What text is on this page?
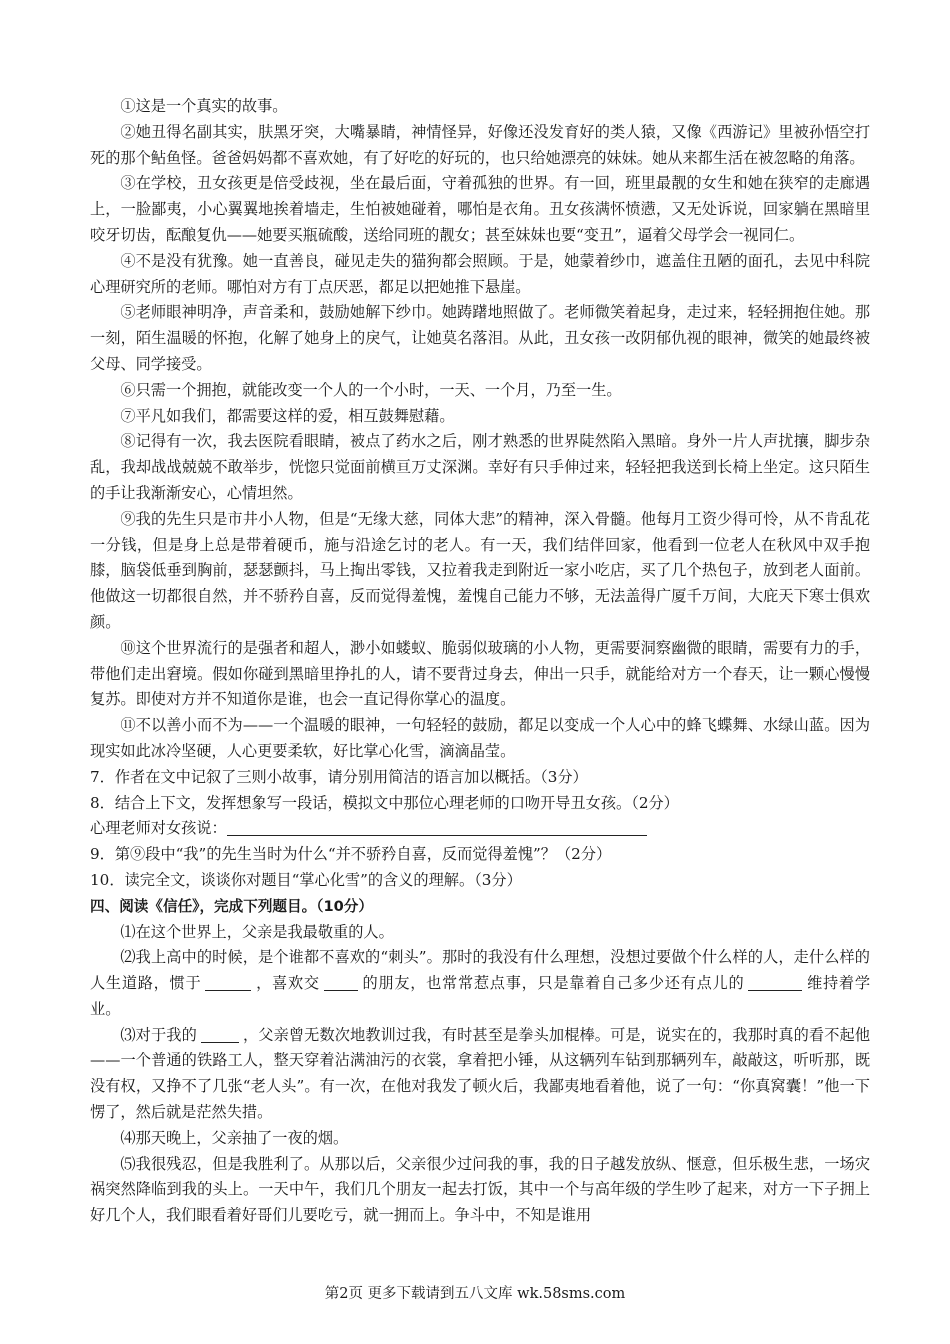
①这是一个真实的故事。

②她丑得名副其实，肤黑牙突，大嘴暴睛，神情怪异，好像还没发育好的类人猿，又像《西游记》里被孙悟空打死的那个鲇鱼怪。爸爸妈妈都不喜欢她，有了好吃的好玩的，也只给她漂亮的妹妹。她从来都生活在被忽略的角落。

③在学校，丑女孩更是倍受歧视，坐在最后面，守着孤独的世界。有一回，班里最靓的女生和她在狭窄的走廊遇上，一脸鄙夷，小心翼翼地挨着墙走，生怕被她碰着，哪怕是衣角。丑女孩满怀愤懑，又无处诉说，回家躺在黑暗里咬牙切齿，酝酿复仇——她要买瓶硫酸，送给同班的靓女；甚至妹妹也要“变丑”，逼着父母学会一视同仁。

④不是没有犹豫。她一直善良，碰见走失的猫狗都会照顾。于是，她蒙着纱巾，遮盖住丑陋的面孔，去见中科院心理研究所的老师。哪怕对方有丁点厌恶，都足以把她推下悬崖。

⑤老师眼神明净，声音柔和，鼓励她解下纱巾。她踌躇地照做了。老师微笑着起身，走过来，轻轻拥抱住她。那一刻，陌生温暖的怀抱，化解了她身上的戾气，让她莫名落泪。从此，丑女孩一改阴郁仇视的眼神，微笑的她最终被父母、同学接受。

⑥只需一个拥抱，就能改变一个人的一个小时，一天、一个月，乃至一生。

⑦平凡如我们，都需要这样的爱，相互鼓舞慰藉。

⑧记得有一次，我去医院看眼睛，被点了药水之后，刚才熟悉的世界陡然陷入黑暗。身外一片人声扰攘，脚步杂乱，我却战战兢兢不敢举步，恍惚只觉面前横亘万丈深渊。幸好有只手伸过来，轻轻把我送到长椅上坐定。这只陌生的手让我渐渐安心，心情坦然。

⑨我的先生只是市井小人物，但是“无缘大慈，同体大悲”的精神，深入骨髓。他每月工资少得可怜，从不肯乱花一分钱，但是身上总是带着硬币，施与沿途乞讨的老人。有一天，我们结伴回家，他看到一位老人在秋风中双手抱膝，脑袋低垂到胸前，瑟瑟颤抖，马上掏出零钱，又拉着我走到附近一家小吃店，买了几个热包子，放到老人面前。他做这一切都很自然，并不骄矜自喜，反而觉得羞愧，羞愧自己能力不够，无法盖得广厦千万间，大庇天下寒士俱欢颜。

⑩这个世界流行的是强者和超人，渺小如蝼蚁、脆弱似玻璃的小人物，更需要洞察幽微的眼睛，需要有力的手，带他们走出窘境。假如你碰到黑暗里挣扎的人，请不要背过身去，伸出一只手，就能给对方一个春天，让一颗心慢慢复苏。即使对方并不知道你是谁，也会一直记得你掌心的温度。

⑪不以善小而不为——一个温暖的眼神，一句轻轻的鼓励，都足以变成一个人心中的蜂飞蝶舞、水绿山蓝。因为现实如此冰冷坚硬，人心更要柔软，好比掌心化雪，滴滴晶莹。

7．作者在文中记叙了三则小故事，请分别用简洁的语言加以概括。（3分）

8．结合上下文，发挥想象写一段话，模拟文中那位心理老师的口吻开导丑女孩。（2分）

心理老师对女孩说：

9．第⑨段中“我”的先生当时为什么“并不骄矜自喜，反而觉得羞愧”？（2分）

10．读完全文，谈谈你对题目“掌心化雪”的含义的理解。（3分）

四、阅读《信任》，完成下列题目。（10分）

⑴在这个世界上，父亲是我最敬重的人。

⑵我上高中的时候，是个谁都不喜欢的“刺头”。那时的我没有什么理想，没想过要做个什么样的人，走什么样的人生道路，惯于	，喜欢交	的朋友，也常常惹点事，只是靠着自己多少还有点儿的	维持着学业。

⑶对于我的	，父亲曾无数次地教训过我，有时甚至是拳头加棍棒。可是，说实在的，我那时真的看不起他——一个普通的铁路工人，整天穿着沾满油污的衣裳，拿着把小锤，从这辆列车钻到那辆列车，敲敲这，听听那，既没有权，又挣不了几张“老人头”。有一次，在他对我发了顿火后，我鄙夷地看着他，说了一句：“你真窝囊！”他一下愣了，然后就是茫然失措。

⑷那天晚上，父亲抽了一夜的烟。

⑸我很残忍，但是我胜利了。从那以后，父亲很少过问我的事，我的日子越发放纵、惬意，但乐极生悲，一场灾祸突然降临到我的头上。一天中午，我们几个朋友一起去打饭，其中一个与高年级的学生吵了起来，对方一下子拥上好几个人，我们眼看着好哥们儿要吃亏，就一拥而上。争斗中，不知是谁用

第2页 更多下载请到五八文库 wk.58sms.com
